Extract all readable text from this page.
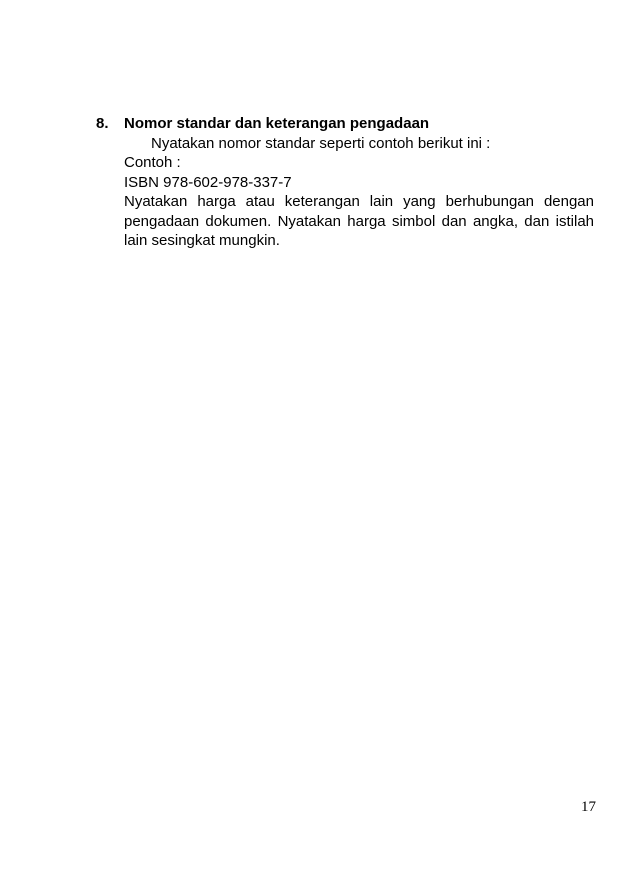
8.	Nomor standar dan keterangan pengadaan

Nyatakan nomor standar seperti contoh berikut ini :

Contoh :

ISBN 978-602-978-337-7

Nyatakan harga atau keterangan lain yang berhubungan dengan pengadaan dokumen. Nyatakan harga simbol dan angka, dan istilah lain sesingkat mungkin.

17
